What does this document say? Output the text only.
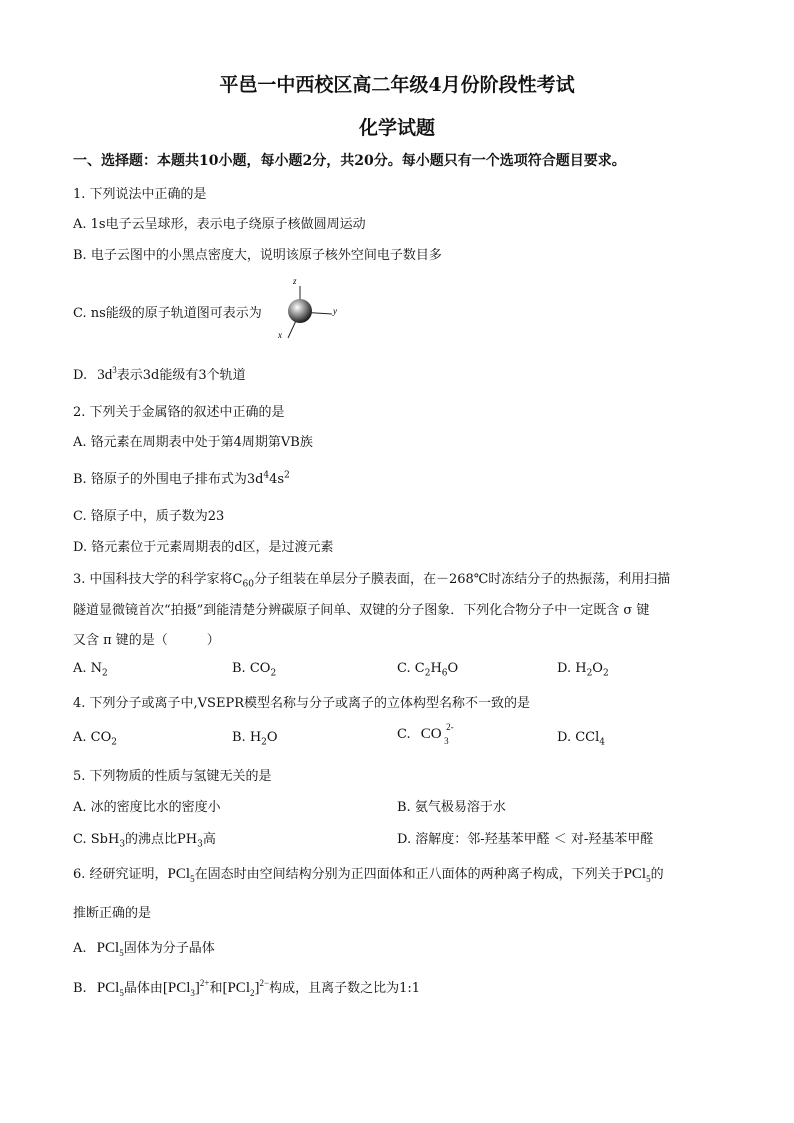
平邑一中西校区高二年级4月份阶段性考试
化学试题
一、选择题：本题共10小题，每小题2分，共20分。每小题只有一个选项符合题目要求。
1. 下列说法中正确的是
A. 1s电子云呈球形，表示电子绕原子核做圆周运动
B. 电子云图中的小黑点密度大，说明该原子核外空间电子数目多
C. ns能级的原子轨道图可表示为
z
y
x
D. $3d^3$表示3d能级有3个轨道
2. 下列关于金属铬的叙述中正确的是
A. 铬元素在周期表中处于第4周期第ⅤB族
B. 铬原子的外围电子排布式为$3d^44s^2$
C. 铬原子中，质子数为23
D. 铬元素位于元素周期表的d区，是过渡元素
3. 中国科技大学的科学家将$C_{60}$分子组装在单层分子膜表面，在－268℃时冻结分子的热振荡，利用扫描
隧道显微镜首次“拍摄”到能清楚分辨碳原子间单、双键的分子图象．下列化合物分子中一定既含 σ 键
又含 π 键的是（　　　）
A. $N_2$	B. $CO_2$	C. $C_2H_6O$	D. $H_2O_2$
4. 下列分子或离子中,VSEPR模型名称与分子或离子的立体构型名称不一致的是
A. $CO_2$	B. $H_2O$	C. CO 2-
3	D. CCl$_4$
5. 下列物质的性质与氢键无关的是
A. 冰的密度比水的密度小	B. 氨气极易溶于水
C. SbH$_3$的沸点比$PH_3$高	D. 溶解度：邻-羟基苯甲醛 ＜ 对-羟基苯甲醛
6. 经研究证明，PCl$_5$在固态时由空间结构分别为正四面体和正八面体的两种离子构成，下列关于PCl$_5$的
推断正确的是
A. PCl$_5$固体为分子晶体
B. PCl$_5$晶体由$[PCl_3]^{2+}$和$[PCl_2]^{2-}$构成，且离子数之比为1:1
